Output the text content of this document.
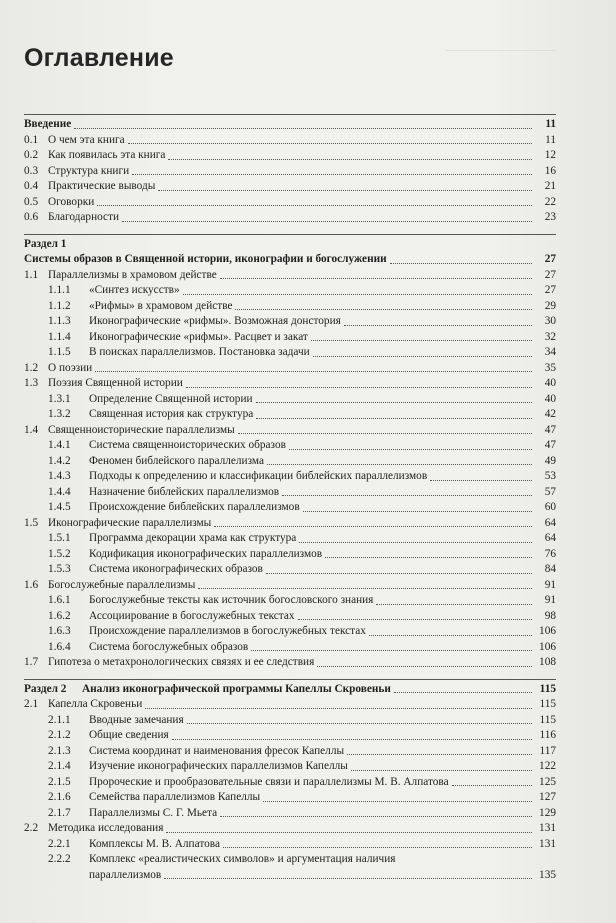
Оглавление
Введение	11
0.1 О чем эта книга	11
0.2 Как появилась эта книга	12
0.3 Структура книги	16
0.4 Практические выводы	21
0.5 Оговорки	22
0.6 Благодарности	23
Раздел 1
Системы образов в Священной истории, иконографии и богослужении	27
1.1 Параллелизмы в храмовом действе	27
1.1.1 «Синтез искусств»	27
1.1.2 «Рифмы» в храмовом действе	29
1.1.3 Иконографические «рифмы». Возможная донстория	30
1.1.4 Иконографические «рифмы». Расцвет и закат	32
1.1.5 В поисках параллелизмов. Постановка задачи	34
1.2 О поэзии	35
1.3 Поэзия Священной истории	40
1.3.1 Определение Священной истории	40
1.3.2 Священная история как структура	42
1.4 Священноисторические параллелизмы	47
1.4.1 Система священноисторических образов	47
1.4.2 Феномен библейского параллелизма	49
1.4.3 Подходы к определению и классификации библейских параллелизмов	53
1.4.4 Назначение библейских параллелизмов	57
1.4.5 Происхождение библейских параллелизмов	60
1.5 Иконографические параллелизмы	64
1.5.1 Программа декорации храма как структура	64
1.5.2 Кодификация иконографических параллелизмов	76
1.5.3 Система иконографических образов	84
1.6 Богослужебные параллелизмы	91
1.6.1 Богослужебные тексты как источник богословского знания	91
1.6.2 Ассоциирование в богослужебных текстах	98
1.6.3 Происхождение параллелизмов в богослужебных текстах	106
1.6.4 Система богослужебных образов	106
1.7 Гипотеза о метахронологических связях и ее следствия	108
Раздел 2 Анализ иконографической программы Капеллы Скровеньи	115
2.1 Капелла Скровеньи	115
2.1.1 Вводные замечания	115
2.1.2 Общие сведения	116
2.1.3 Система координат и наименования фресок Капеллы	117
2.1.4 Изучение иконографических параллелизмов Капеллы	122
2.1.5 Пророческие и прообразовательные связи и параллелизмы М. В. Алпатова	125
2.1.6 Семейства параллелизмов Капеллы	127
2.1.7 Параллелизмы С. Г. Мьета	129
2.2 Методика исследования	131
2.2.1 Комплексы М. В. Алпатова	131
2.2.2 Комплекс «реалистических символов» и аргументация наличия
параллелизмов	135
